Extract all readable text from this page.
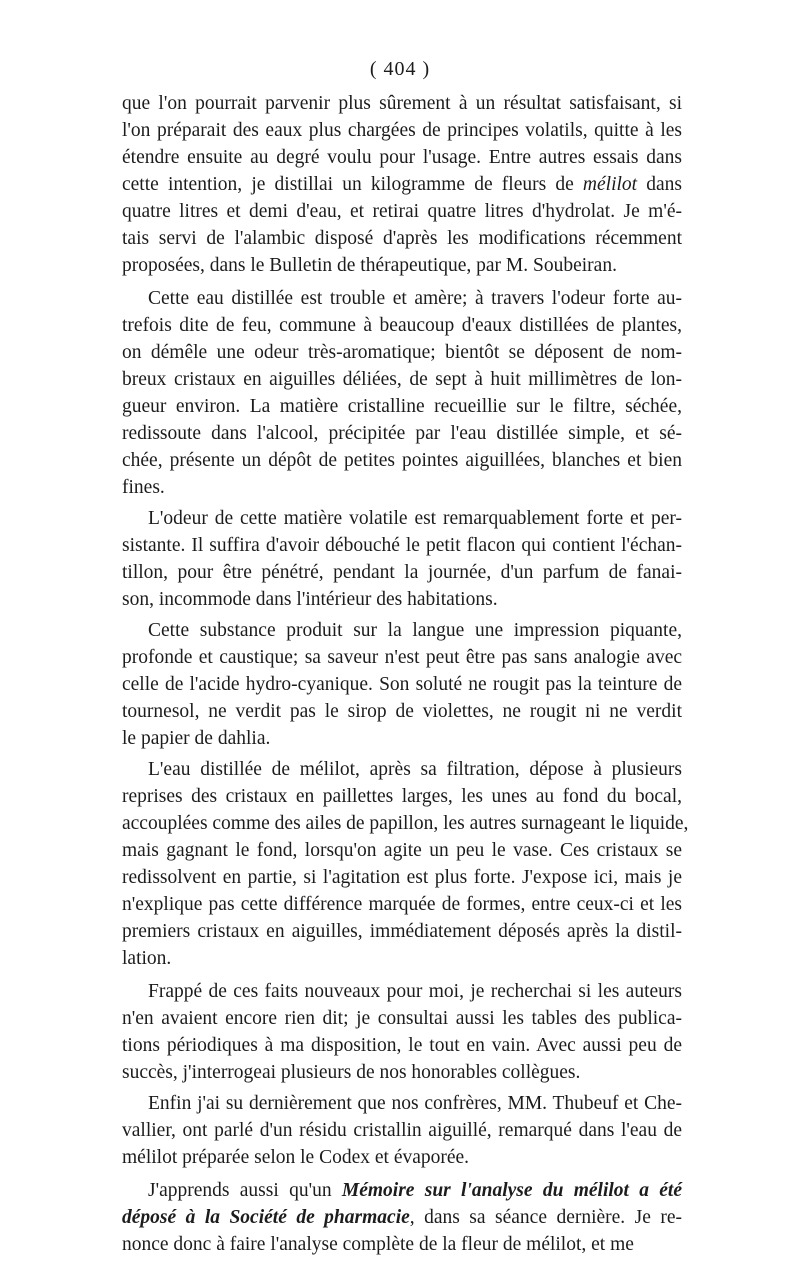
( 404 )
que l'on pourrait parvenir plus sûrement à un résultat satisfaisant, si
l'on préparait des eaux plus chargées de principes volatils, quitte à les
étendre ensuite au degré voulu pour l'usage. Entre autres essais dans
cette intention, je distillai un kilogramme de fleurs de mélilot dans
quatre litres et demi d'eau, et retirai quatre litres d'hydrolat. Je m'é-
tais servi de l'alambic disposé d'après les modifications récemment
proposées, dans le Bulletin de thérapeutique, par M. Soubeiran.
Cette eau distillée est trouble et amère; à travers l'odeur forte au-
trefois dite de feu, commune à beaucoup d'eaux distillées de plantes,
on démêle une odeur très-aromatique; bientôt se déposent de nom-
breux cristaux en aiguilles déliées, de sept à huit millimètres de lon-
gueur environ. La matière cristalline recueillie sur le filtre, séchée,
redissoute dans l'alcool, précipitée par l'eau distillée simple, et sé-
chée, présente un dépôt de petites pointes aiguillées, blanches et bien
fines.
L'odeur de cette matière volatile est remarquablement forte et per-
sistante. Il suffira d'avoir débouché le petit flacon qui contient l'échan-
tillon, pour être pénétré, pendant la journée, d'un parfum de fanai-
son, incommode dans l'intérieur des habitations.
Cette substance produit sur la langue une impression piquante,
profonde et caustique; sa saveur n'est peut être pas sans analogie avec
celle de l'acide hydro-cyanique. Son soluté ne rougit pas la teinture de
tournesol, ne verdit pas le sirop de violettes, ne rougit ni ne verdit
le papier de dahlia.
L'eau distillée de mélilot, après sa filtration, dépose à plusieurs
reprises des cristaux en paillettes larges, les unes au fond du bocal,
accouplées comme des ailes de papillon, les autres surnageant le liquide,
mais gagnant le fond, lorsqu'on agite un peu le vase. Ces cristaux se
redissolvent en partie, si l'agitation est plus forte. J'expose ici, mais je
n'explique pas cette différence marquée de formes, entre ceux-ci et les
premiers cristaux en aiguilles, immédiatement déposés après la distil-
lation.
Frappé de ces faits nouveaux pour moi, je recherchai si les auteurs
n'en avaient encore rien dit; je consultai aussi les tables des publica-
tions périodiques à ma disposition, le tout en vain. Avec aussi peu de
succès, j'interrogeai plusieurs de nos honorables collègues.
Enfin j'ai su dernièrement que nos confrères, MM. Thubeuf et Che-
vallier, ont parlé d'un résidu cristallin aiguillé, remarqué dans l'eau de
mélilot préparée selon le Codex et évaporée.
J'apprends aussi qu'un Mémoire sur l'analyse du mélilot a été
déposé à la Société de pharmacie, dans sa séance dernière. Je re-
nonce donc à faire l'analyse complète de la fleur de mélilot, et me
